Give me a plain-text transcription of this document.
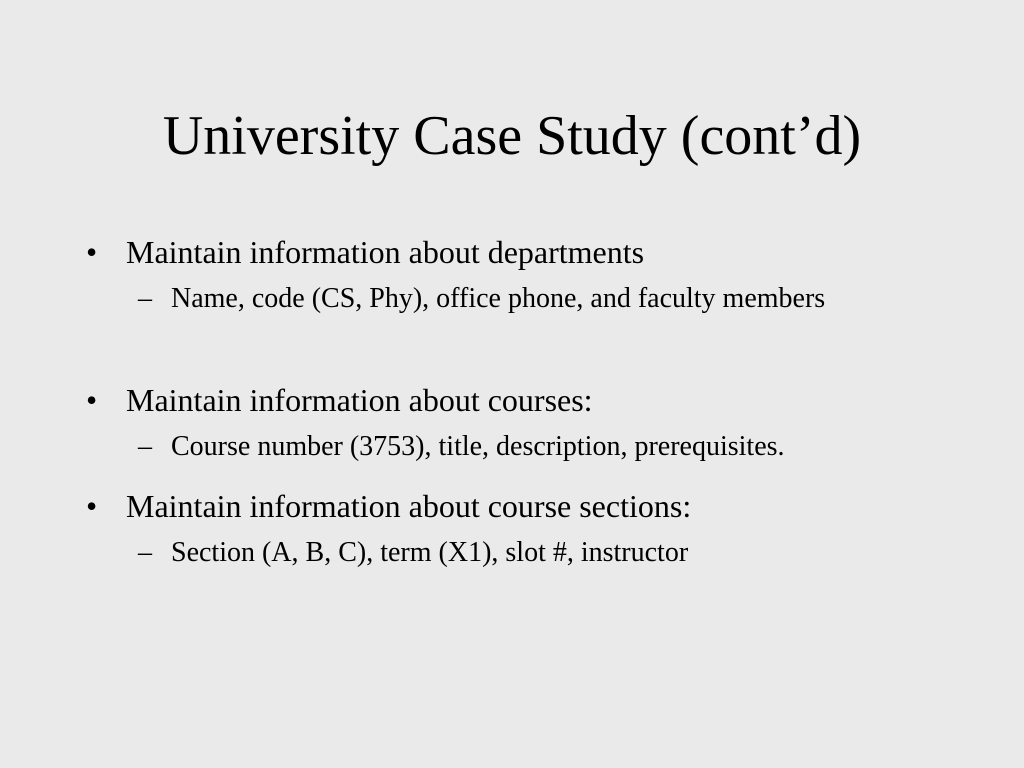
University Case Study (cont’d)
• Maintain information about departments
– Name, code (CS, Phy), office phone, and faculty members
• Maintain information about courses:
– Course number (3753), title, description, prerequisites.
• Maintain information about course sections:
– Section (A, B, C), term (X1), slot #, instructor
